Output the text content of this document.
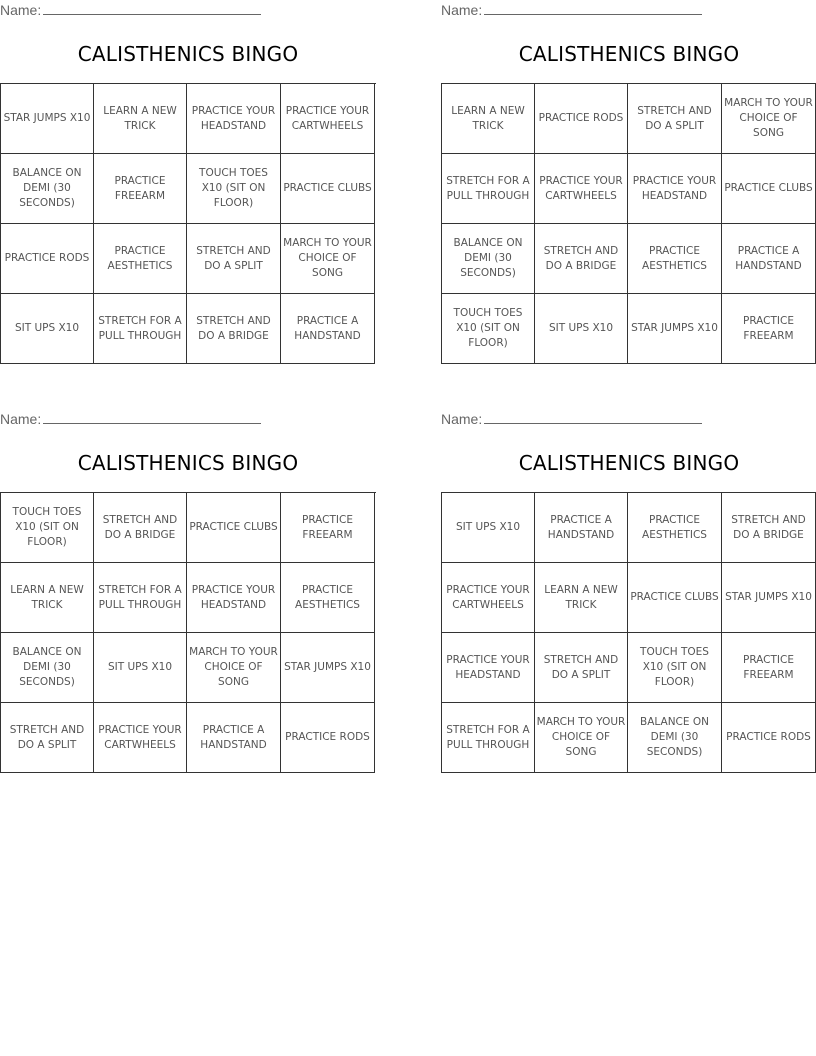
Name:
CALISTHENICS BINGO
STAR JUMPS X10
LEARN A NEW TRICK
PRACTICE YOUR HEADSTAND
PRACTICE YOUR CARTWHEELS
BALANCE ON DEMI (30 SECONDS)
PRACTICE FREEARM
TOUCH TOES X10 (SIT ON FLOOR)
PRACTICE CLUBS
PRACTICE RODS
PRACTICE AESTHETICS
STRETCH AND DO A SPLIT
MARCH TO YOUR CHOICE OF SONG
SIT UPS X10
STRETCH FOR A PULL THROUGH
STRETCH AND DO A BRIDGE
PRACTICE A HANDSTAND
Name:
CALISTHENICS BINGO
LEARN A NEW TRICK
PRACTICE RODS
STRETCH AND DO A SPLIT
MARCH TO YOUR CHOICE OF SONG
STRETCH FOR A PULL THROUGH
PRACTICE YOUR CARTWHEELS
PRACTICE YOUR HEADSTAND
PRACTICE CLUBS
BALANCE ON DEMI (30 SECONDS)
STRETCH AND DO A BRIDGE
PRACTICE AESTHETICS
PRACTICE A HANDSTAND
TOUCH TOES X10 (SIT ON FLOOR)
SIT UPS X10	STAR JUMPS X10
PRACTICE FREEARM
Name:
CALISTHENICS BINGO
TOUCH TOES X10 (SIT ON FLOOR)
STRETCH AND DO A BRIDGE
PRACTICE CLUBS
PRACTICE FREEARM
LEARN A NEW TRICK
STRETCH FOR A PULL THROUGH
PRACTICE YOUR HEADSTAND
PRACTICE AESTHETICS
BALANCE ON DEMI (30 SECONDS)
SIT UPS X10
MARCH TO YOUR CHOICE OF SONG
STAR JUMPS X10
STRETCH AND DO A SPLIT
PRACTICE YOUR CARTWHEELS
PRACTICE A HANDSTAND
PRACTICE RODS
Name:
CALISTHENICS BINGO
SIT UPS X10
PRACTICE A HANDSTAND
PRACTICE AESTHETICS
STRETCH AND DO A BRIDGE
PRACTICE YOUR CARTWHEELS
LEARN A NEW TRICK
PRACTICE CLUBS STAR JUMPS X10
PRACTICE YOUR HEADSTAND
STRETCH AND DO A SPLIT
TOUCH TOES X10 (SIT ON FLOOR)
PRACTICE FREEARM
STRETCH FOR A PULL THROUGH
MARCH TO YOUR CHOICE OF SONG
BALANCE ON DEMI (30 SECONDS)
PRACTICE RODS
